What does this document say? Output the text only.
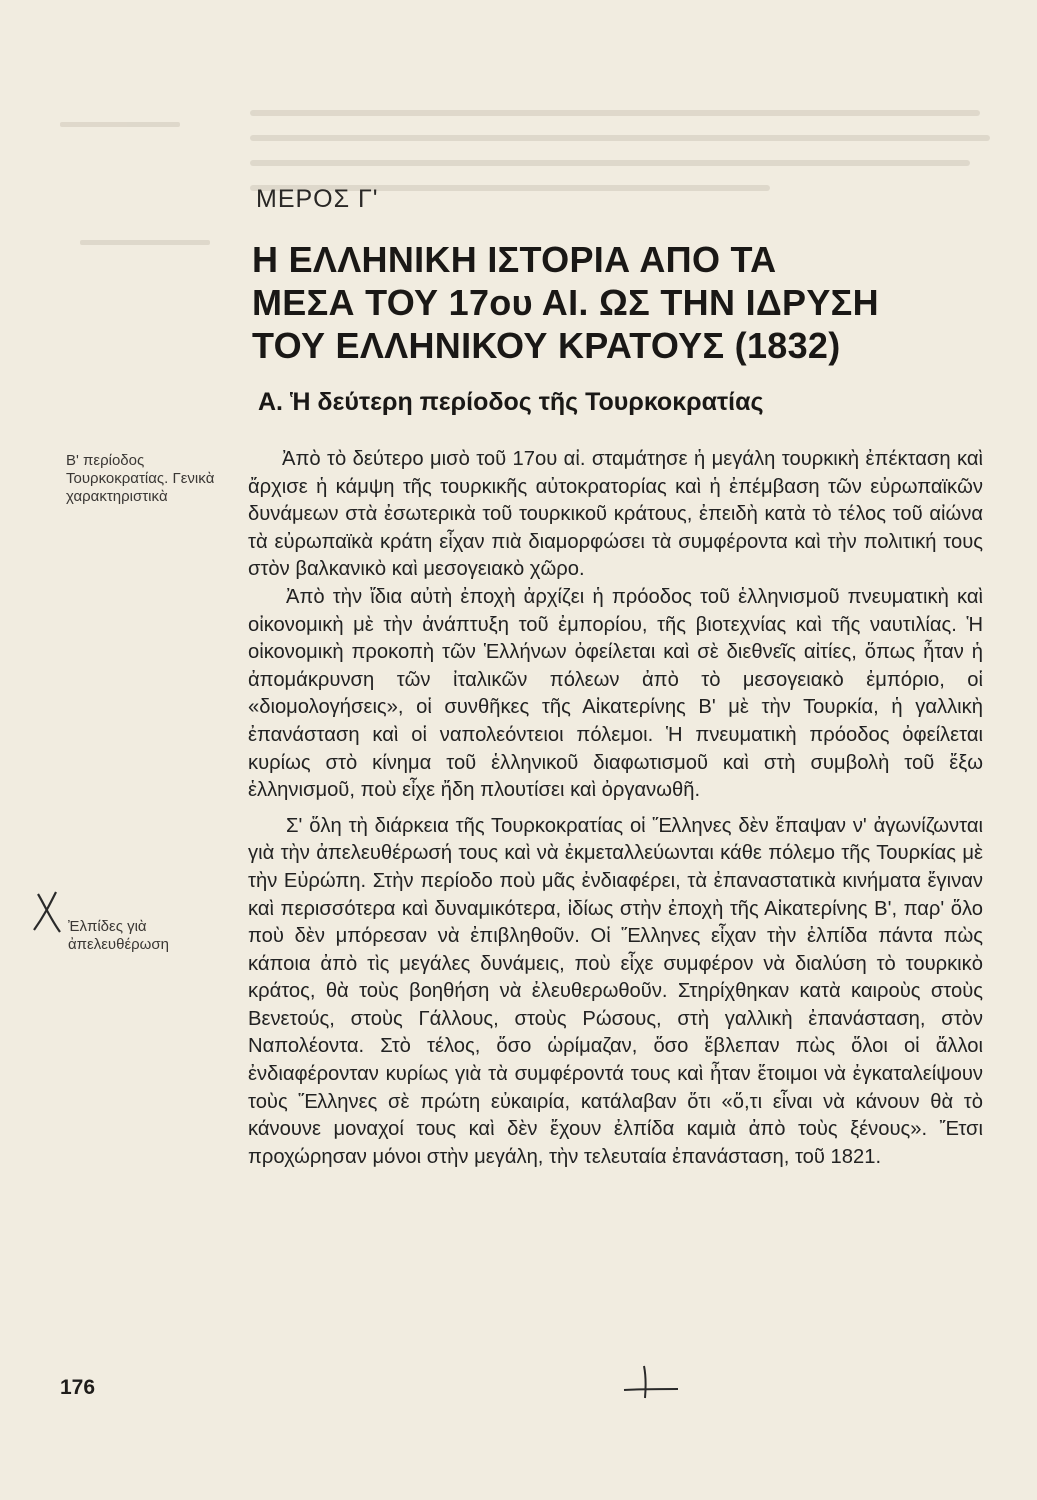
Β' περίοδος Τουρκοκρατίας. Γενικὰ χαρακτηριστικὰ
Ἐλπίδες γιὰ ἀπελευθέρωση
ΜΕΡΟΣ Γ'
Η ΕΛΛΗΝΙΚΗ ΙΣΤΟΡΙΑ ΑΠΟ ΤΑ
ΜΕΣΑ ΤΟΥ 17ου ΑΙ. ΩΣ ΤΗΝ ΙΔΡΥΣΗ
ΤΟΥ ΕΛΛΗΝΙΚΟΥ ΚΡΑΤΟΥΣ (1832)
Α. Ἡ δεύτερη περίοδος τῆς Τουρκοκρατίας

Ἀπὸ τὸ δεύτερο μισὸ τοῦ 17ου αἰ. σταμάτησε ἡ μεγάλη τουρκικὴ ἐπέκταση καὶ ἄρχισε ἡ κάμψη τῆς τουρκικῆς αὐτοκρατορίας καὶ ἡ ἐπέμβαση τῶν εὐρωπαϊκῶν δυνάμεων στὰ ἐσωτερικὰ τοῦ τουρκικοῦ κράτους, ἐπειδὴ κατὰ τὸ τέλος τοῦ αἰώνα τὰ εὐρωπαϊκὰ κράτη εἶχαν πιὰ διαμορφώσει τὰ συμφέροντα καὶ τὴν πολιτική τους στὸν βαλκανικὸ καὶ μεσογειακὸ χῶρο.

Ἀπὸ τὴν ἴδια αὐτὴ ἐποχὴ ἀρχίζει ἡ πρόοδος τοῦ ἑλληνισμοῦ πνευματικὴ καὶ οἰκονομικὴ μὲ τὴν ἀνάπτυξη τοῦ ἐμπορίου, τῆς βιοτεχνίας καὶ τῆς ναυτιλίας. Ἡ οἰκονομικὴ προκοπὴ τῶν Ἑλλήνων ὀφείλεται καὶ σὲ διεθνεῖς αἰτίες, ὅπως ἦταν ἡ ἀπομάκρυνση τῶν ἰταλικῶν πόλεων ἀπὸ τὸ μεσογειακὸ ἐμπόριο, οἱ «διομολογήσεις», οἱ συνθῆκες τῆς Αἰκατερίνης Β' μὲ τὴν Τουρκία, ἡ γαλλικὴ ἐπανάσταση καὶ οἱ ναπολεόντειοι πόλεμοι. Ἡ πνευματικὴ πρόοδος ὀφείλεται κυρίως στὸ κίνημα τοῦ ἑλληνικοῦ διαφωτισμοῦ καὶ στὴ συμβολὴ τοῦ ἔξω ἑλληνισμοῦ, ποὺ εἶχε ἤδη πλουτίσει καὶ ὀργανωθῆ.

Σ' ὅλη τὴ διάρκεια τῆς Τουρκοκρατίας οἱ Ἕλληνες δὲν ἔπαψαν ν' ἀγωνίζωνται γιὰ τὴν ἀπελευθέρωσή τους καὶ νὰ ἐκμεταλλεύωνται κάθε πόλεμο τῆς Τουρκίας μὲ τὴν Εὐρώπη. Στὴν περίοδο ποὺ μᾶς ἐνδιαφέρει, τὰ ἐπαναστατικὰ κινήματα ἔγιναν καὶ περισσότερα καὶ δυναμικότερα, ἰδίως στὴν ἐποχὴ τῆς Αἰκατερίνης Β', παρ' ὅλο ποὺ δὲν μπόρεσαν νὰ ἐπιβληθοῦν. Οἱ Ἕλληνες εἶχαν τὴν ἐλπίδα πάντα πὼς κάποια ἀπὸ τὶς μεγάλες δυνάμεις, ποὺ εἶχε συμφέρον νὰ διαλύση τὸ τουρκικὸ κράτος, θὰ τοὺς βοηθήση νὰ ἐλευθερωθοῦν. Στηρίχθηκαν κατὰ καιροὺς στοὺς Βενετούς, στοὺς Γάλλους, στοὺς Ρώσους, στὴ γαλλικὴ ἐπανάσταση, στὸν Ναπολέοντα. Στὸ τέλος, ὅσο ὡρίμαζαν, ὅσο ἔβλεπαν πὼς ὅλοι οἱ ἄλλοι ἐνδιαφέρονταν κυρίως γιὰ τὰ συμφέροντά τους καὶ ἦταν ἕτοιμοι νὰ ἐγκαταλείψουν τοὺς Ἕλληνες σὲ πρώτη εὐκαιρία, κατάλαβαν ὅτι «ὅ,τι εἶναι νὰ κάνουν θὰ τὸ κάνουνε μοναχοί τους καὶ δὲν ἔχουν ἐλπίδα καμιὰ ἀπὸ τοὺς ξένους». Ἔτσι προχώρησαν μόνοι στὴν μεγάλη, τὴν τελευταία ἐπανάσταση, τοῦ 1821.

176
